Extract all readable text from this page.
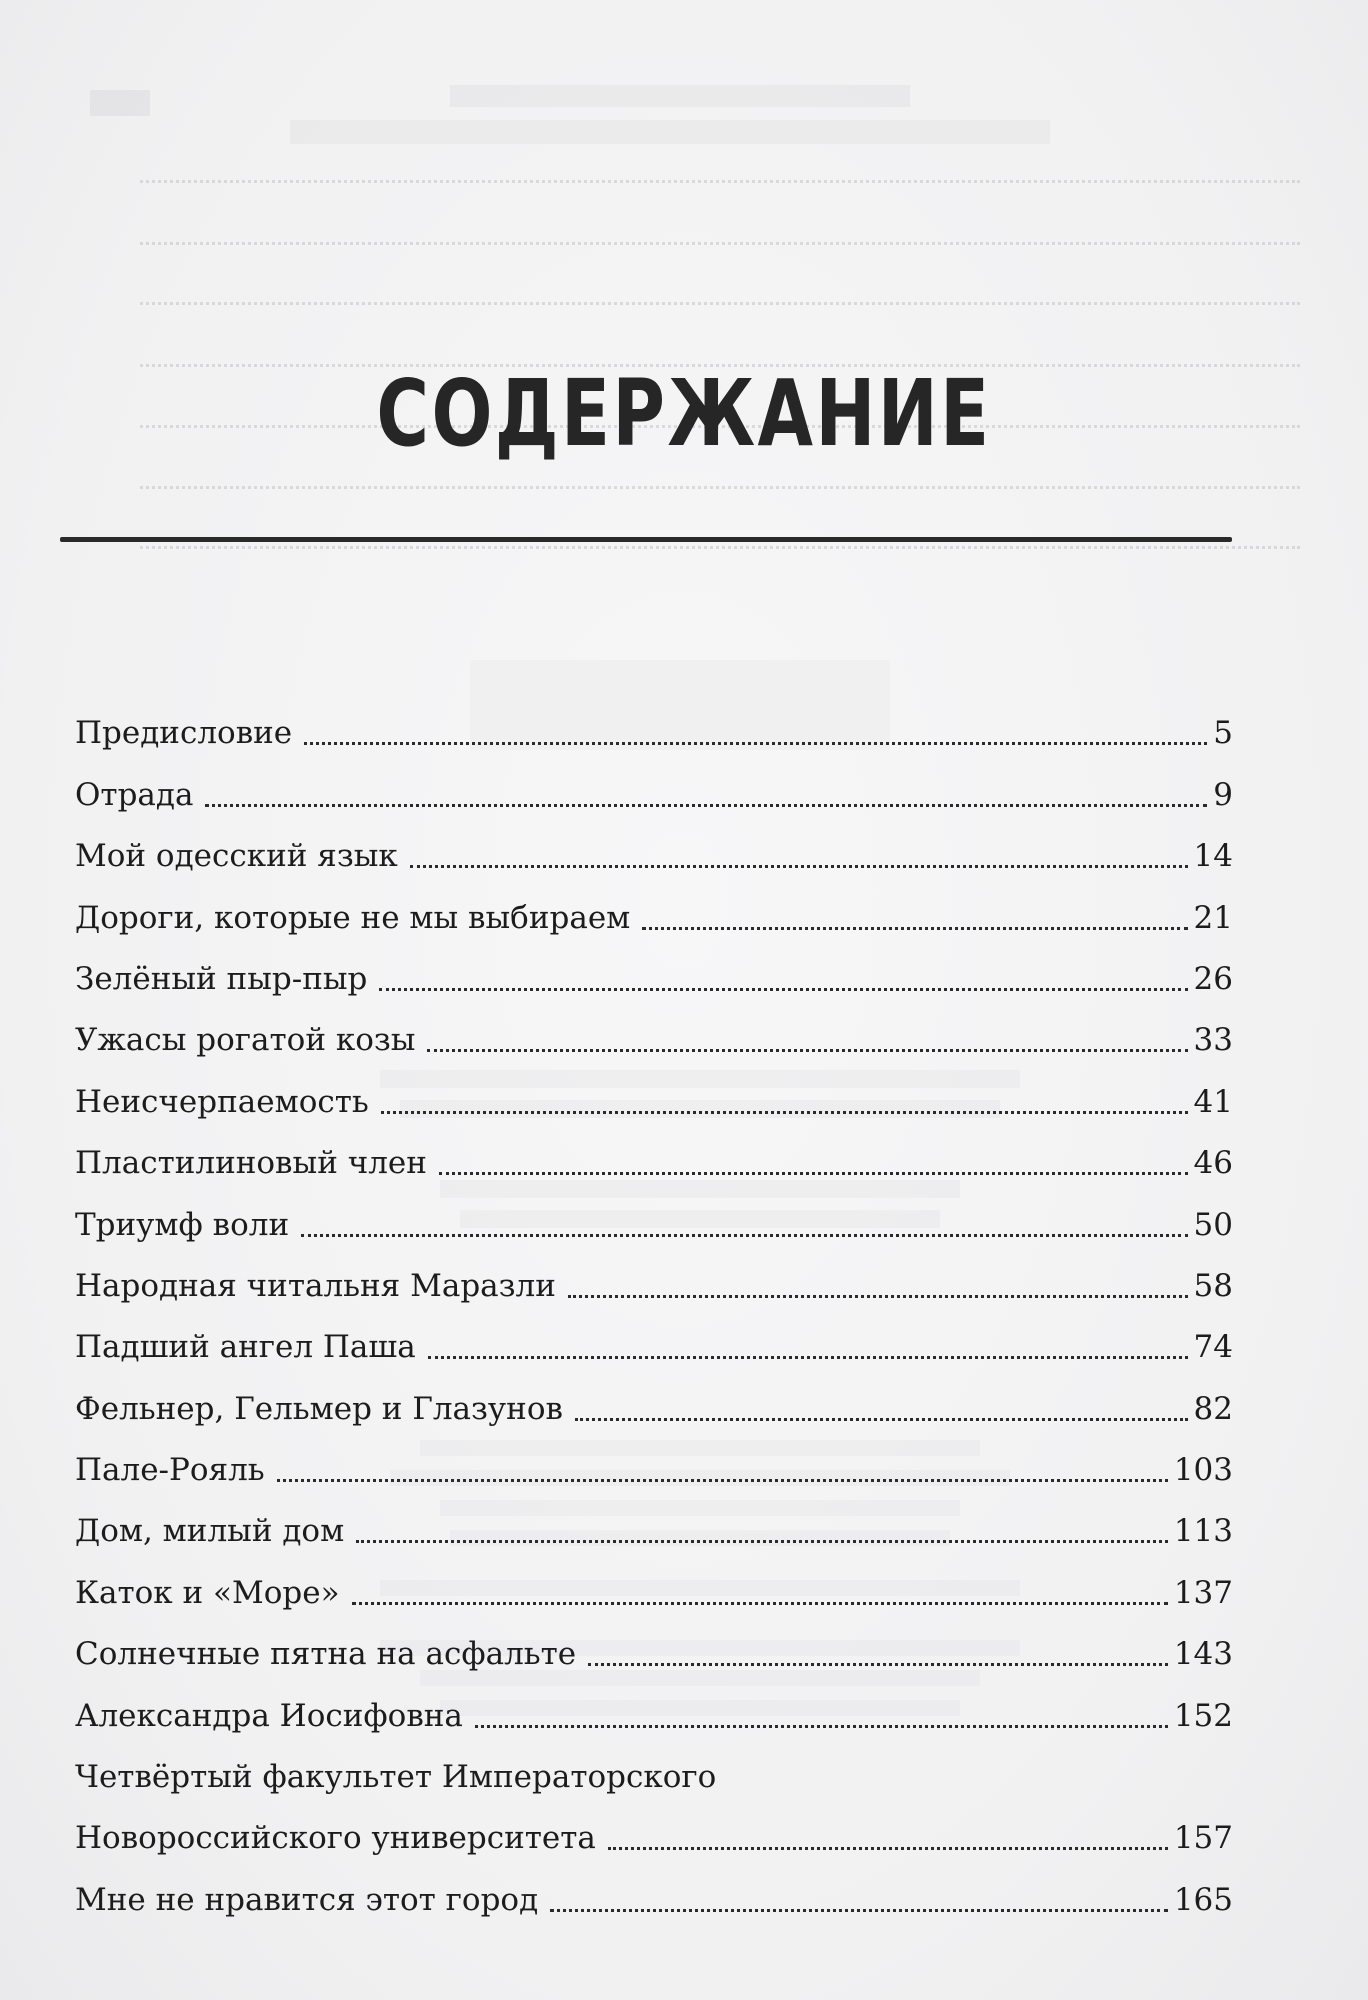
СОДЕРЖАНИЕ
Предисловие	5
Отрада	9
Мой одесский язык	14
Дороги, которые не мы выбираем	21
Зелёный пыр-пыр	26
Ужасы рогатой козы	33
Неисчерпаемость	41
Пластилиновый член	46
Триумф воли	50
Народная читальня Маразли	58
Падший ангел Паша	74
Фельнер, Гельмер и Глазунов	82
Пале-Рояль	103
Дом, милый дом	113
Каток и «Море»	137
Солнечные пятна на асфальте	143
Александра Иосифовна	152
Четвёртый факультет Императорского
Новороссийского университета	157
Мне не нравится этот город	165
